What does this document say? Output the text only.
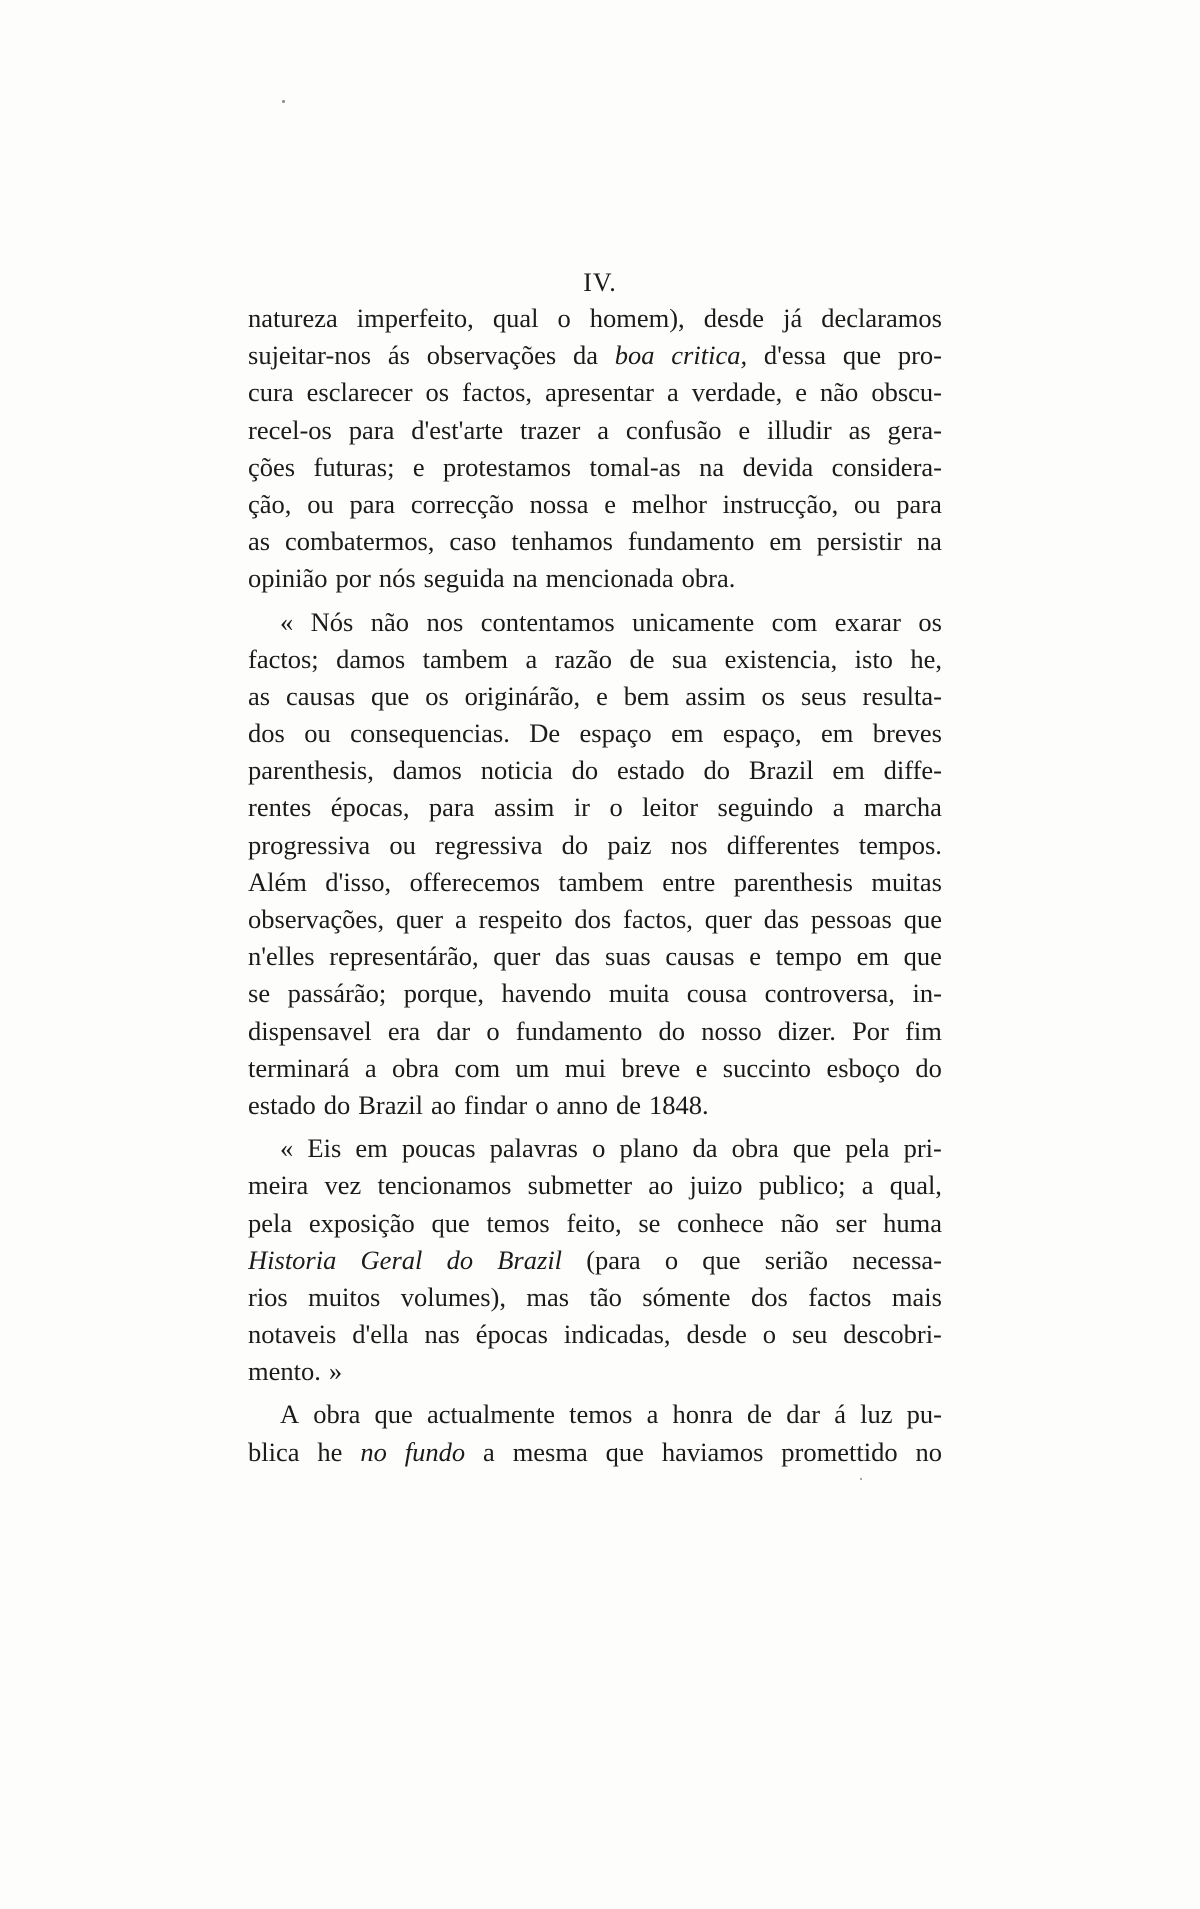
IV.
natureza imperfeito, qual o homem), desde já declaramos
sujeitar-nos ás observações da boa critica, d'essa que pro-
cura esclarecer os factos, apresentar a verdade, e não obscu-
recel-os para d'est'arte trazer a confusão e illudir as gera-
ções futuras; e protestamos tomal-as na devida considera-
ção, ou para correcção nossa e melhor instrucção, ou para
as combatermos, caso tenhamos fundamento em persistir na
opinião por nós seguida na mencionada obra.
« Nós não nos contentamos unicamente com exarar os
factos; damos tambem a razão de sua existencia, isto he,
as causas que os originárão, e bem assim os seus resulta-
dos ou consequencias. De espaço em espaço, em breves
parenthesis, damos noticia do estado do Brazil em diffe-
rentes épocas, para assim ir o leitor seguindo a marcha
progressiva ou regressiva do paiz nos differentes tempos.
Além d'isso, offerecemos tambem entre parenthesis muitas
observações, quer a respeito dos factos, quer das pessoas que
n'elles representárão, quer das suas causas e tempo em que
se passárão; porque, havendo muita cousa controversa, in-
dispensavel era dar o fundamento do nosso dizer. Por fim
terminará a obra com um mui breve e succinto esboço do
estado do Brazil ao findar o anno de 1848.
« Eis em poucas palavras o plano da obra que pela pri-
meira vez tencionamos submetter ao juizo publico; a qual,
pela exposição que temos feito, se conhece não ser huma
Historia Geral do Brazil (para o que serião necessa-
rios muitos volumes), mas tão sómente dos factos mais
notaveis d'ella nas épocas indicadas, desde o seu descobri-
mento. »
A obra que actualmente temos a honra de dar á luz pu-
blica he no fundo a mesma que haviamos promettido no
